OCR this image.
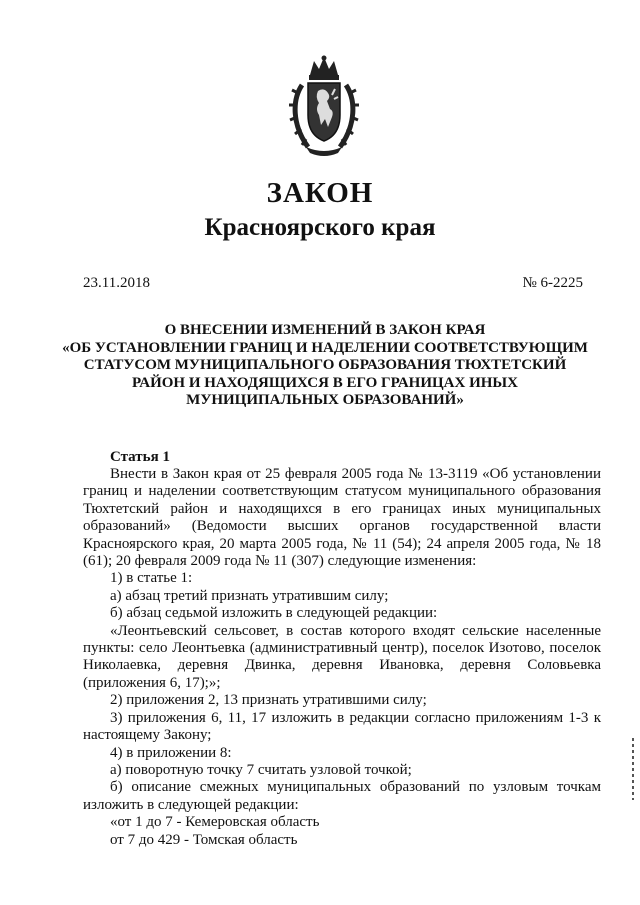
ЗАКОН
Красноярского края
23.11.2018	№ 6-2225
О ВНЕСЕНИИ ИЗМЕНЕНИЙ В ЗАКОН КРАЯ
«ОБ УСТАНОВЛЕНИИ ГРАНИЦ И НАДЕЛЕНИИ СООТВЕТСТВУЮЩИМ
СТАТУСОМ МУНИЦИПАЛЬНОГО ОБРАЗОВАНИЯ ТЮХТЕТСКИЙ
РАЙОН И НАХОДЯЩИХСЯ В ЕГО ГРАНИЦАХ ИНЫХ
МУНИЦИПАЛЬНЫХ ОБРАЗОВАНИЙ»
Статья 1

Внести в Закон края от 25 февраля 2005 года № 13-3119 «Об установлении границ и наделении соответствующим статусом муниципального образования Тюхтетский район и находящихся в его границах иных муниципальных образований» (Ведомости высших органов государственной власти Красноярского края, 20 марта 2005 года, № 11 (54); 24 апреля 2005 года, № 18 (61); 20 февраля 2009 года № 11 (307) следующие изменения:

1) в статье 1:

а) абзац третий признать утратившим силу;

б) абзац седьмой изложить в следующей редакции:

«Леонтьевский сельсовет, в состав которого входят сельские населенные пункты: село Леонтьевка (административный центр), поселок Изотово, поселок Николаевка, деревня Двинка, деревня Ивановка, деревня Соловьевка (приложения 6, 17);»;

2) приложения 2, 13 признать утратившими силу;

3) приложения 6, 11, 17 изложить в редакции согласно приложениям 1-3 к настоящему Закону;

4) в приложении 8:

а) поворотную точку 7 считать узловой точкой;

б) описание смежных муниципальных образований по узловым точкам изложить в следующей редакции:

«от 1 до 7 - Кемеровская область

от 7 до 429 - Томская область
